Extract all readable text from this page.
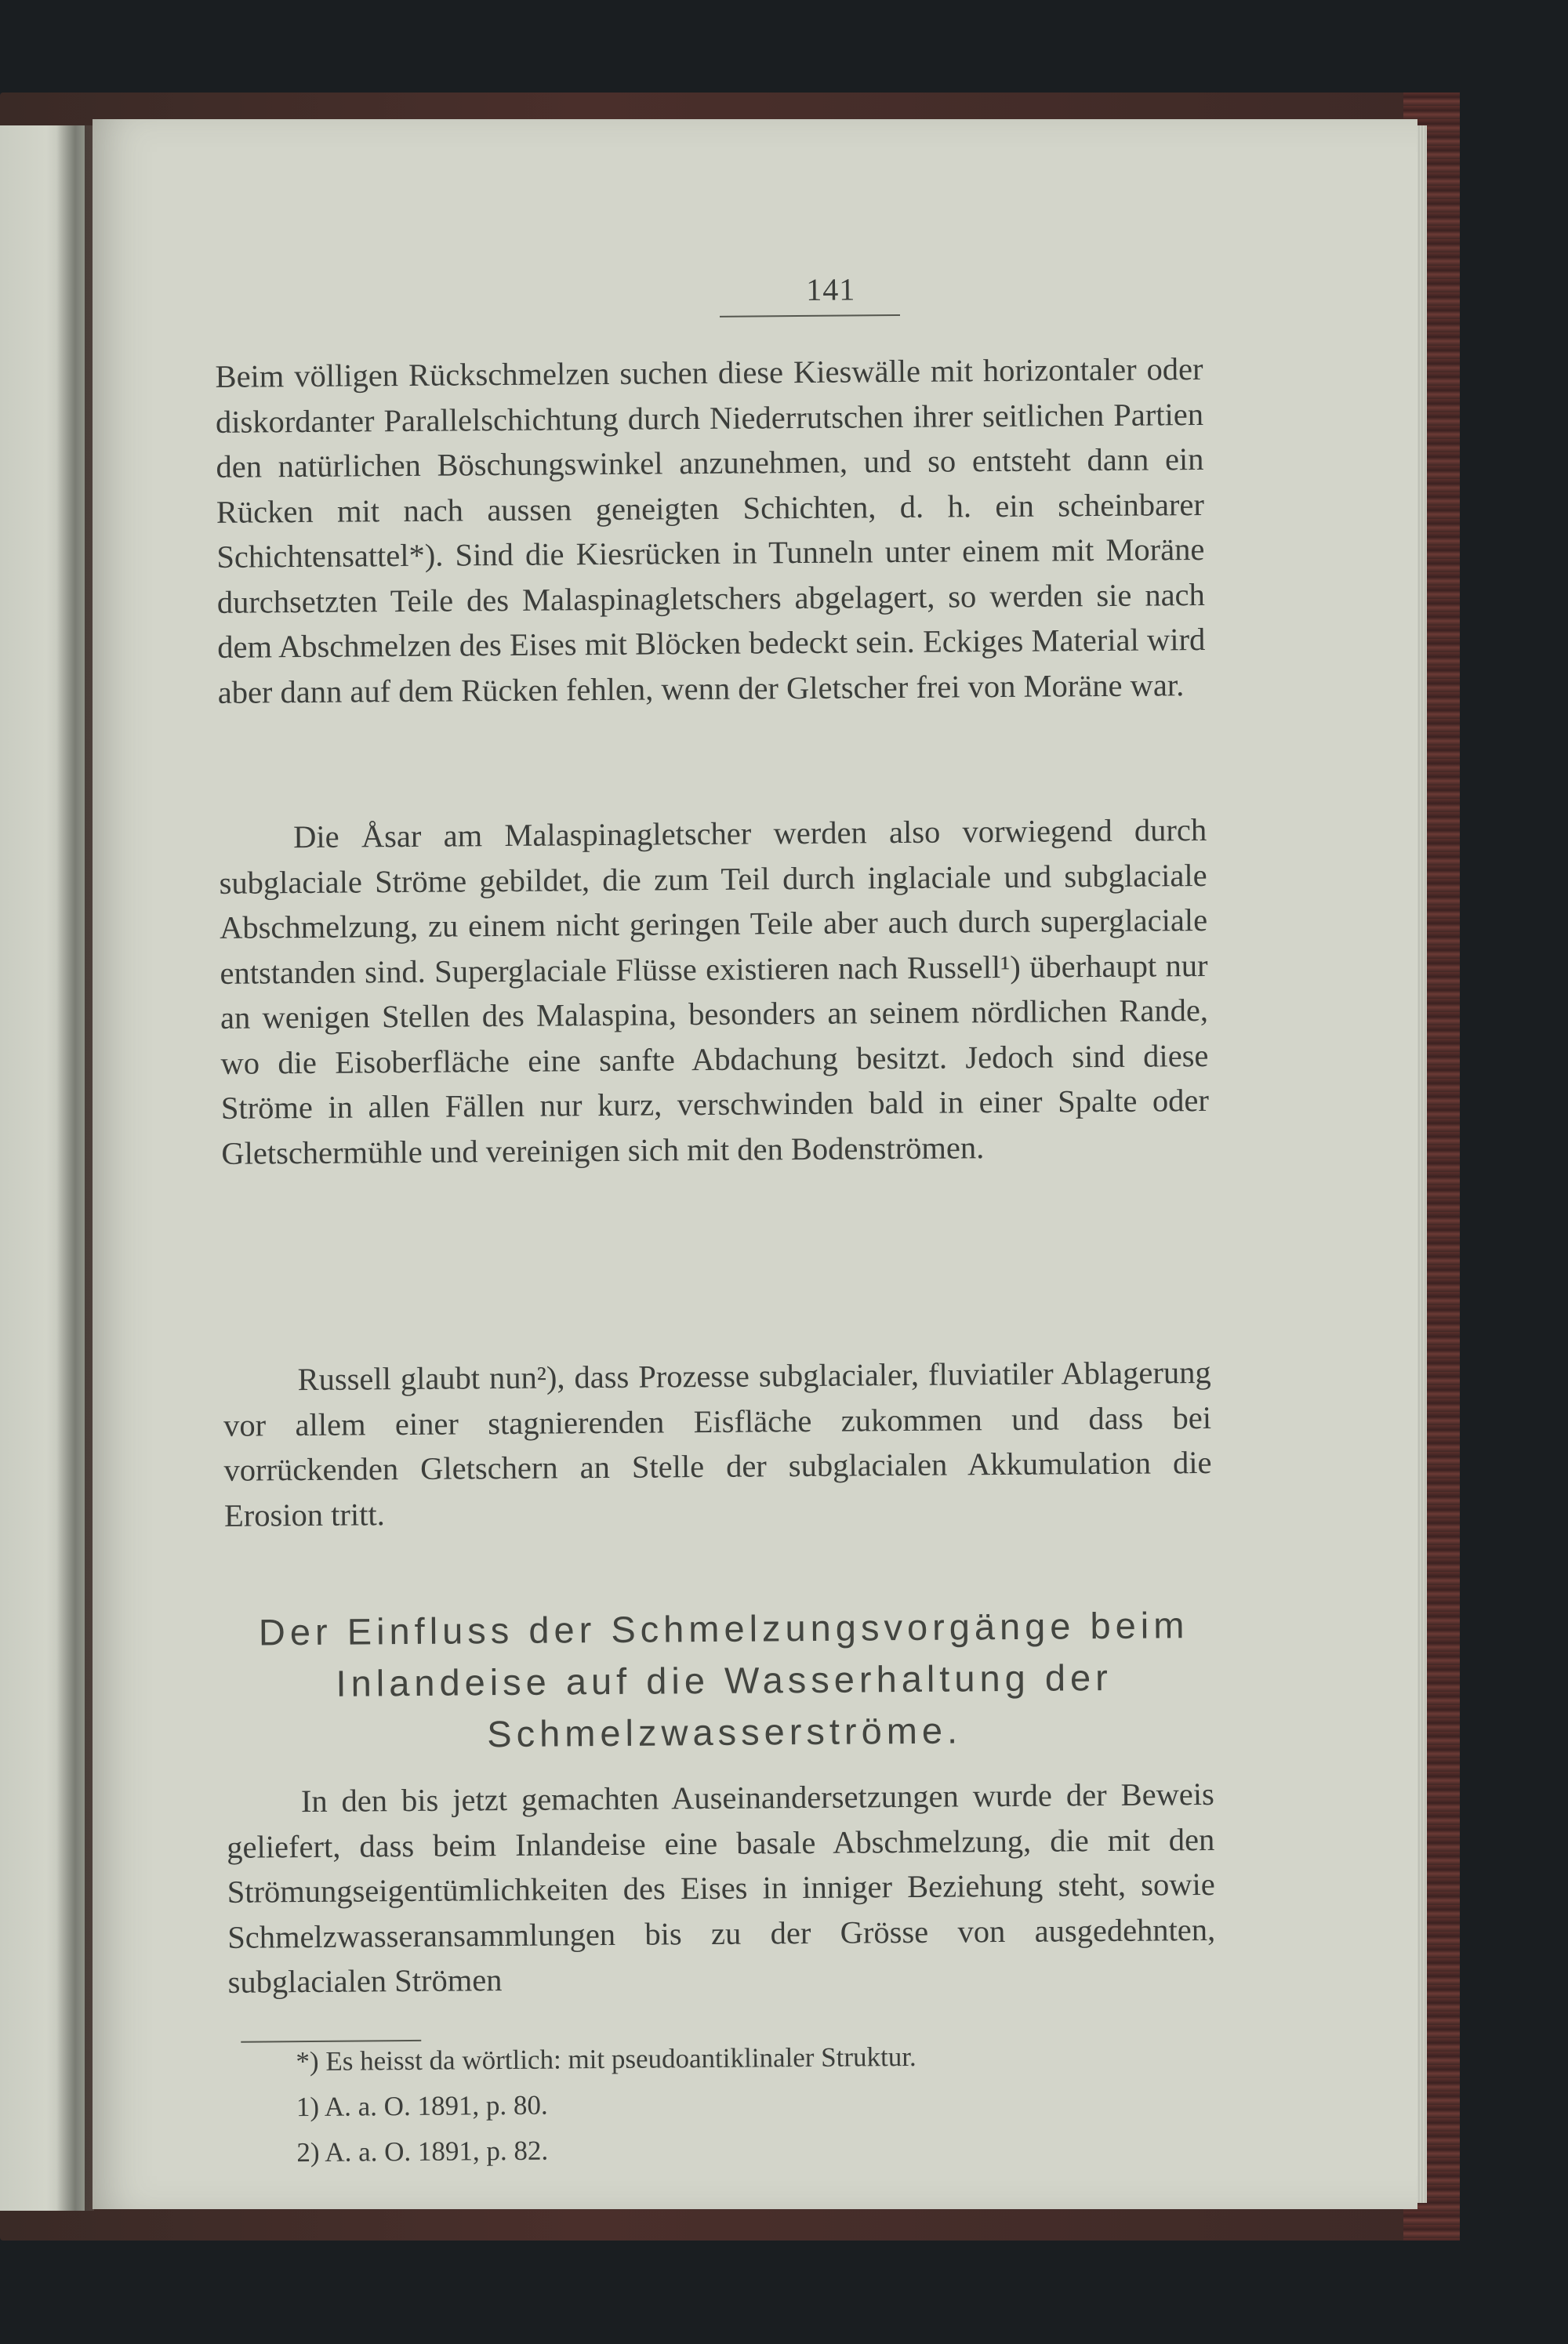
141

Beim völligen Rückschmelzen suchen diese Kieswälle mit horizontaler oder diskordanter Parallelschichtung durch Niederrutschen ihrer seitlichen Partien den natürlichen Böschungswinkel anzunehmen, und so entsteht dann ein Rücken mit nach aussen geneigten Schichten, d. h. ein scheinbarer Schichtensattel*). Sind die Kiesrücken in Tunneln unter einem mit Moräne durchsetzten Teile des Malaspinagletschers abgelagert, so werden sie nach dem Abschmelzen des Eises mit Blöcken bedeckt sein. Eckiges Material wird aber dann auf dem Rücken fehlen, wenn der Gletscher frei von Moräne war.

Die Åsar am Malaspinagletscher werden also vorwiegend durch subglaciale Ströme gebildet, die zum Teil durch inglaciale und subglaciale Abschmelzung, zu einem nicht geringen Teile aber auch durch superglaciale entstanden sind. Superglaciale Flüsse existieren nach Russell¹) überhaupt nur an wenigen Stellen des Malaspina, besonders an seinem nördlichen Rande, wo die Eisoberfläche eine sanfte Abdachung besitzt. Jedoch sind diese Ströme in allen Fällen nur kurz, verschwinden bald in einer Spalte oder Gletschermühle und vereinigen sich mit den Bodenströmen.

Russell glaubt nun²), dass Prozesse subglacialer, fluviatiler Ablagerung vor allem einer stagnierenden Eisfläche zukommen und dass bei vorrückenden Gletschern an Stelle der subglacialen Akkumulation die Erosion tritt.

Der Einfluss der Schmelzungsvorgänge beim Inlandeise auf die Wasserhaltung der Schmelzwasserströme.

In den bis jetzt gemachten Auseinandersetzungen wurde der Beweis geliefert, dass beim Inlandeise eine basale Abschmelzung, die mit den Strömungseigentümlichkeiten des Eises in inniger Beziehung steht, sowie Schmelzwasseransammlungen bis zu der Grösse von ausgedehnten, subglacialen Strömen

*) Es heisst da wörtlich: mit pseudoantiklinaler Struktur.
1) A. a. O. 1891, p. 80.
2) A. a. O. 1891, p. 82.
